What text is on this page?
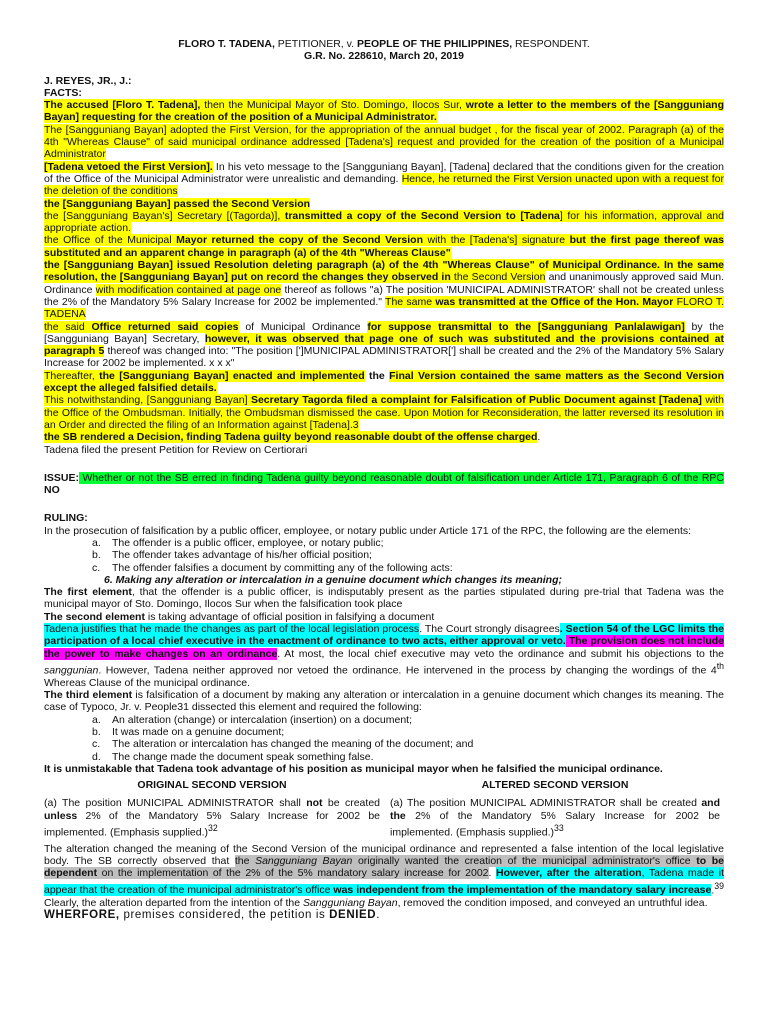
FLORO T. TADENA, PETITIONER, v. PEOPLE OF THE PHILIPPINES, RESPONDENT.

G.R. No. 228610, March 20, 2019

J. REYES, JR., J.:

FACTS:

The accused [Floro T. Tadena], then the Municipal Mayor of Sto. Domingo, Ilocos Sur, wrote a letter to the members of the [Sangguniang Bayan] requesting for the creation of the position of a Municipal Administrator.

The [Sangguniang Bayan] adopted the First Version, for the appropriation of the annual budget , for the fiscal year of 2002. Paragraph (a) of the 4th "Whereas Clause" of said municipal ordinance addressed [Tadena's] request and provided for the creation of the position of a Municipal Administrator

[Tadena vetoed the First Version]. In his veto message to the [Sangguniang Bayan], [Tadena] declared that the conditions given for the creation of the Office of the Municipal Administrator were unrealistic and demanding. Hence, he returned the First Version unacted upon with a request for the deletion of the conditions

the [Sangguniang Bayan] passed the Second Version

the [Sangguniang Bayan's] Secretary [(Tagorda)], transmitted a copy of the Second Version to [Tadena] for his information, approval and appropriate action.

the Office of the Municipal Mayor returned the copy of the Second Version with the [Tadena's] signature but the first page thereof was substituted and an apparent change in paragraph (a) of the 4th "Whereas Clause"

the [Sangguniang Bayan] issued Resolution deleting paragraph (a) of the 4th "Whereas Clause" of Municipal Ordinance. In the same resolution, the [Sangguniang Bayan] put on record the changes they observed in the Second Version and unanimously approved said Mun. Ordinance with modification contained at page one thereof as follows "a) The position 'MUNICIPAL ADMINISTRATOR' shall not be created unless the 2% of the Mandatory 5% Salary Increase for 2002 be implemented." The same was transmitted at the Office of the Hon. Mayor FLORO T. TADENA

the said Office returned said copies of Municipal Ordinance for suppose transmittal to the [Sangguniang Panlalawigan] by the [Sangguniang Bayan] Secretary, however, it was observed that page one of such was substituted and the provisions contained at paragraph 5 thereof was changed into: "The position [']MUNICIPAL ADMINISTRATOR['] shall be created and the 2% of the Mandatory 5% Salary Increase for 2002 be implemented. x x x"

Thereafter, the [Sangguniang Bayan] enacted and implemented the Final Version contained the same matters as the Second Version except the alleged falsified details.

This notwithstanding, [Sangguniang Bayan] Secretary Tagorda filed a complaint for Falsification of Public Document against [Tadena] with the Office of the Ombudsman. Initially, the Ombudsman dismissed the case. Upon Motion for Reconsideration, the latter reversed its resolution in an Order and directed the filing of an Information against [Tadena].3

the SB rendered a Decision, finding Tadena guilty beyond reasonable doubt of the offense charged.

Tadena filed the present Petition for Review on Certiorari

ISSUE: Whether or not the SB erred in finding Tadena guilty beyond reasonable doubt of falsification under Article 171, Paragraph 6 of the RPC NO

RULING:

In the prosecution of falsification by a public officer, employee, or notary public under Article 171 of the RPC, the following are the elements:

a. The offender is a public officer, employee, or notary public;
b. The offender takes advantage of his/her official position;
c. The offender falsifies a document by committing any of the following acts:

6. Making any alteration or intercalation in a genuine document which changes its meaning;

The first element, that the offender is a public officer, is indisputably present as the parties stipulated during pre-trial that Tadena was the municipal mayor of Sto. Domingo, Ilocos Sur when the falsification took place

The second element is taking advantage of official position in falsifying a document

Tadena justifies that he made the changes as part of the local legislation process. The Court strongly disagrees. Section 54 of the LGC limits the participation of a local chief executive in the enactment of ordinance to two acts, either approval or veto. The provision does not include the power to make changes on an ordinance. At most, the local chief executive may veto the ordinance and submit his objections to the sanggunian. However, Tadena neither approved nor vetoed the ordinance. He intervened in the process by changing the wordings of the 4th Whereas Clause of the municipal ordinance.

The third element is falsification of a document by making any alteration or intercalation in a genuine document which changes its meaning. The case of Typoco, Jr. v. People31 dissected this element and required the following:

a. An alteration (change) or intercalation (insertion) on a document;
b. It was made on a genuine document;
c. The alteration or intercalation has changed the meaning of the document; and
d. The change made the document speak something false.

It is unmistakable that Tadena took advantage of his position as municipal mayor when he falsified the municipal ordinance.

ORIGINAL SECOND VERSION

(a) The position MUNICIPAL ADMINISTRATOR shall not be created unless 2% of the Mandatory 5% Salary Increase for 2002 be implemented. (Emphasis supplied.)$^{32}$

ALTERED SECOND VERSION

(a) The position MUNICIPAL ADMINISTRATOR shall be created and the 2% of the Mandatory 5% Salary Increase for 2002 be implemented. (Emphasis supplied.)$^{33}$

The alteration changed the meaning of the Second Version of the municipal ordinance and represented a false intention of the local legislative body. The SB correctly observed that the Sangguniang Bayan originally wanted the creation of the municipal administrator's office to be dependent on the implementation of the 2% of the 5% mandatory salary increase for 2002. However, after the alteration, Tadena made it appear that the creation of the municipal administrator's office was independent from the implementation of the mandatory salary increase.$^{39}$ Clearly, the alteration departed from the intention of the Sangguniang Bayan, removed the condition imposed, and conveyed an untruthful idea.

WHERFORE, premises considered, the petition is DENIED.
